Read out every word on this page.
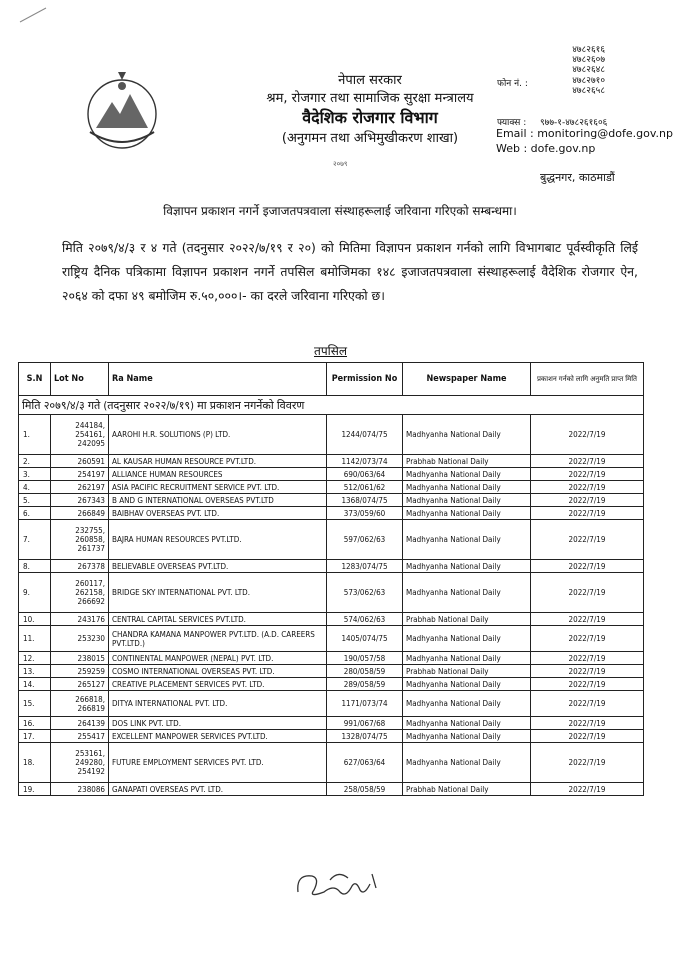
नेपाल सरकार
श्रम, रोजगार तथा सामाजिक सुरक्षा मन्त्रालय
वैदेशिक रोजगार विभाग
(अनुगमन तथा अभिमुखीकरण शाखा)
२०७९
४७८२६१६
४७८२६०७
४७८२६४८
४७८२७१०
४७८२६५८
फोन नं. :
फ्याक्स : ९७७-१-४७८२६१६०६
Email : monitoring@dofe.gov.np
Web : dofe.gov.np
बुद्धनगर, काठमाडौं
विज्ञापन प्रकाशन नगर्ने इजाजतपत्रवाला संस्थाहरूलाई जरिवाना गरिएको सम्बन्धमा।
मिति २०७९/४/३ र ४ गते (तदनुसार २०२२/७/१९ र २०) को मितिमा विज्ञापन प्रकाशन गर्नको लागि विभागबाट पूर्वस्वीकृति लिई राष्ट्रिय दैनिक पत्रिकामा विज्ञापन प्रकाशन नगर्ने तपसिल बमोजिमका १४८ इजाजतपत्रवाला संस्थाहरूलाई वैदेशिक रोजगार ऐन, २०६४ को दफा ४९ बमोजिम रु.५०,०००।- का दरले जरिवाना गरिएको छ।
तपसिल
S.N	Lot No	Ra Name	Permission No	Newspaper Name	प्रकाशन गर्नको लागि अनुमति प्राप्त मिति
मिति २०७९/४/३ गते (तदनुसार २०२२/७/१९) मा प्रकाशन नगर्नेको विवरण					
1.	244184, 254161, 242095	AAROHI H.R. SOLUTIONS (P) LTD.	1244/074/75	Madhyanha National Daily	2022/7/19
2.	260591	AL KAUSAR HUMAN RESOURCE PVT.LTD.	1142/073/74	Prabhab National Daily	2022/7/19
3.	254197	ALLIANCE HUMAN RESOURCES	690/063/64	Madhyanha National Daily	2022/7/19
4.	262197	ASIA PACIFIC RECRUITMENT SERVICE PVT. LTD.	512/061/62	Madhyanha National Daily	2022/7/19
5.	267343	B AND G INTERNATIONAL OVERSEAS PVT.LTD	1368/074/75	Madhyanha National Daily	2022/7/19
6.	266849	BAIBHAV OVERSEAS PVT. LTD.	373/059/60	Madhyanha National Daily	2022/7/19
7.	232755, 260858, 261737	BAJRA HUMAN RESOURCES PVT.LTD.	597/062/63	Madhyanha National Daily	2022/7/19
8.	267378	BELIEVABLE OVERSEAS PVT.LTD.	1283/074/75	Madhyanha National Daily	2022/7/19
9.	260117, 262158, 266692	BRIDGE SKY INTERNATIONAL PVT. LTD.	573/062/63	Madhyanha National Daily	2022/7/19
10.	243176	CENTRAL CAPITAL SERVICES PVT.LTD.	574/062/63	Prabhab National Daily	2022/7/19
11.	253230	CHANDRA KAMANA MANPOWER PVT.LTD. (A.D. CAREERS PVT.LTD.)	1405/074/75	Madhyanha National Daily	2022/7/19
12.	238015	CONTINENTAL MANPOWER (NEPAL) PVT. LTD.	190/057/58	Madhyanha National Daily	2022/7/19
13.	259259	COSMO INTERNATIONAL OVERSEAS PVT. LTD.	280/058/59	Prabhab National Daily	2022/7/19
14.	265127	CREATIVE PLACEMENT SERVICES PVT. LTD.	289/058/59	Madhyanha National Daily	2022/7/19
15.	266818, 266819	DITYA INTERNATIONAL PVT. LTD.	1171/073/74	Madhyanha National Daily	2022/7/19
16.	264139	DOS LINK PVT. LTD.	991/067/68	Madhyanha National Daily	2022/7/19
17.	255417	EXCELLENT MANPOWER SERVICES PVT.LTD.	1328/074/75	Madhyanha National Daily	2022/7/19
18.	253161, 249280, 254192	FUTURE EMPLOYMENT SERVICES PVT. LTD.	627/063/64	Madhyanha National Daily	2022/7/19
19.	238086	GANAPATI OVERSEAS PVT. LTD.	258/058/59	Prabhab National Daily	2022/7/19
